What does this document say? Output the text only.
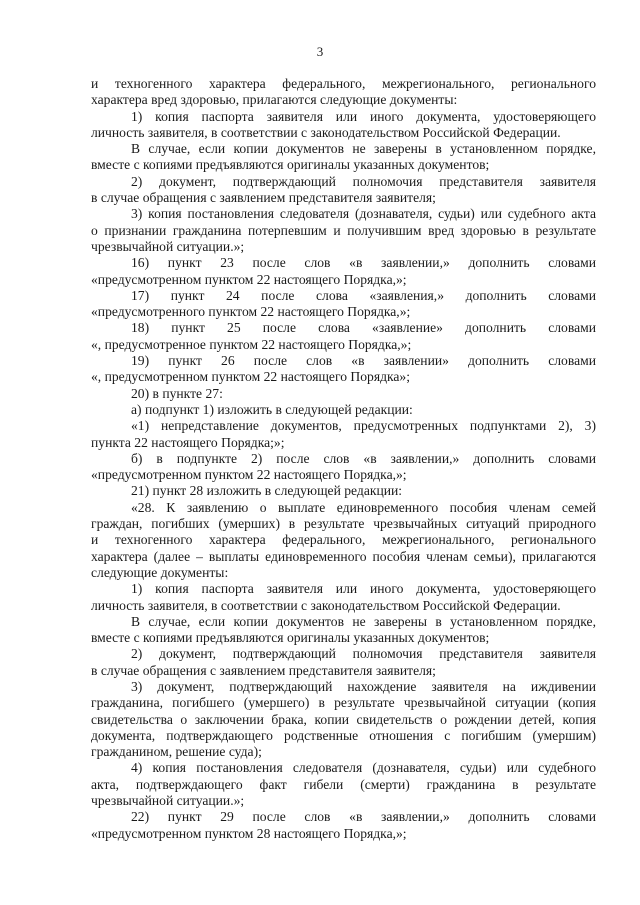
3
и техногенного характера федерального, межрегионального, регионального
характера вред здоровью, прилагаются следующие документы:
1) копия паспорта заявителя или иного документа, удостоверяющего
личность заявителя, в соответствии с законодательством Российской Федерации.
В случае, если копии документов не заверены в установленном порядке,
вместе с копиями предъявляются оригиналы указанных документов;
2) документ, подтверждающий полномочия представителя заявителя
в случае обращения с заявлением представителя заявителя;
3) копия постановления следователя (дознавателя, судьи) или судебного акта
о признании гражданина потерпевшим и получившим вред здоровью в результате
чрезвычайной ситуации.»;
16) пункт 23 после слов «в заявлении,» дополнить словами
«предусмотренном пунктом 22 настоящего Порядка,»;
17) пункт 24 после слова «заявления,» дополнить словами
«предусмотренного пунктом 22 настоящего Порядка,»;
18) пункт 25 после слова «заявление» дополнить словами
«, предусмотренное пунктом 22 настоящего Порядка,»;
19) пункт 26 после слов «в заявлении» дополнить словами
«, предусмотренном пунктом 22 настоящего Порядка»;
20) в пункте 27:
а) подпункт 1) изложить в следующей редакции:
«1) непредставление документов, предусмотренных подпунктами 2), 3)
пункта 22 настоящего Порядка;»;
б) в подпункте 2) после слов «в заявлении,» дополнить словами
«предусмотренном пунктом 22 настоящего Порядка,»;
21) пункт 28 изложить в следующей редакции:
«28. К заявлению о выплате единовременного пособия членам семей
граждан, погибших (умерших) в результате чрезвычайных ситуаций природного
и техногенного характера федерального, межрегионального, регионального
характера (далее – выплаты единовременного пособия членам семьи), прилагаются
следующие документы:
1) копия паспорта заявителя или иного документа, удостоверяющего
личность заявителя, в соответствии с законодательством Российской Федерации.
В случае, если копии документов не заверены в установленном порядке,
вместе с копиями предъявляются оригиналы указанных документов;
2) документ, подтверждающий полномочия представителя заявителя
в случае обращения с заявлением представителя заявителя;
3) документ, подтверждающий нахождение заявителя на иждивении
гражданина, погибшего (умершего) в результате чрезвычайной ситуации (копия
свидетельства о заключении брака, копии свидетельств о рождении детей, копия
документа, подтверждающего родственные отношения с погибшим (умершим)
гражданином, решение суда);
4) копия постановления следователя (дознавателя, судьи) или судебного
акта, подтверждающего факт гибели (смерти) гражданина в результате
чрезвычайной ситуации.»;
22) пункт 29 после слов «в заявлении,» дополнить словами
«предусмотренном пунктом 28 настоящего Порядка,»;
